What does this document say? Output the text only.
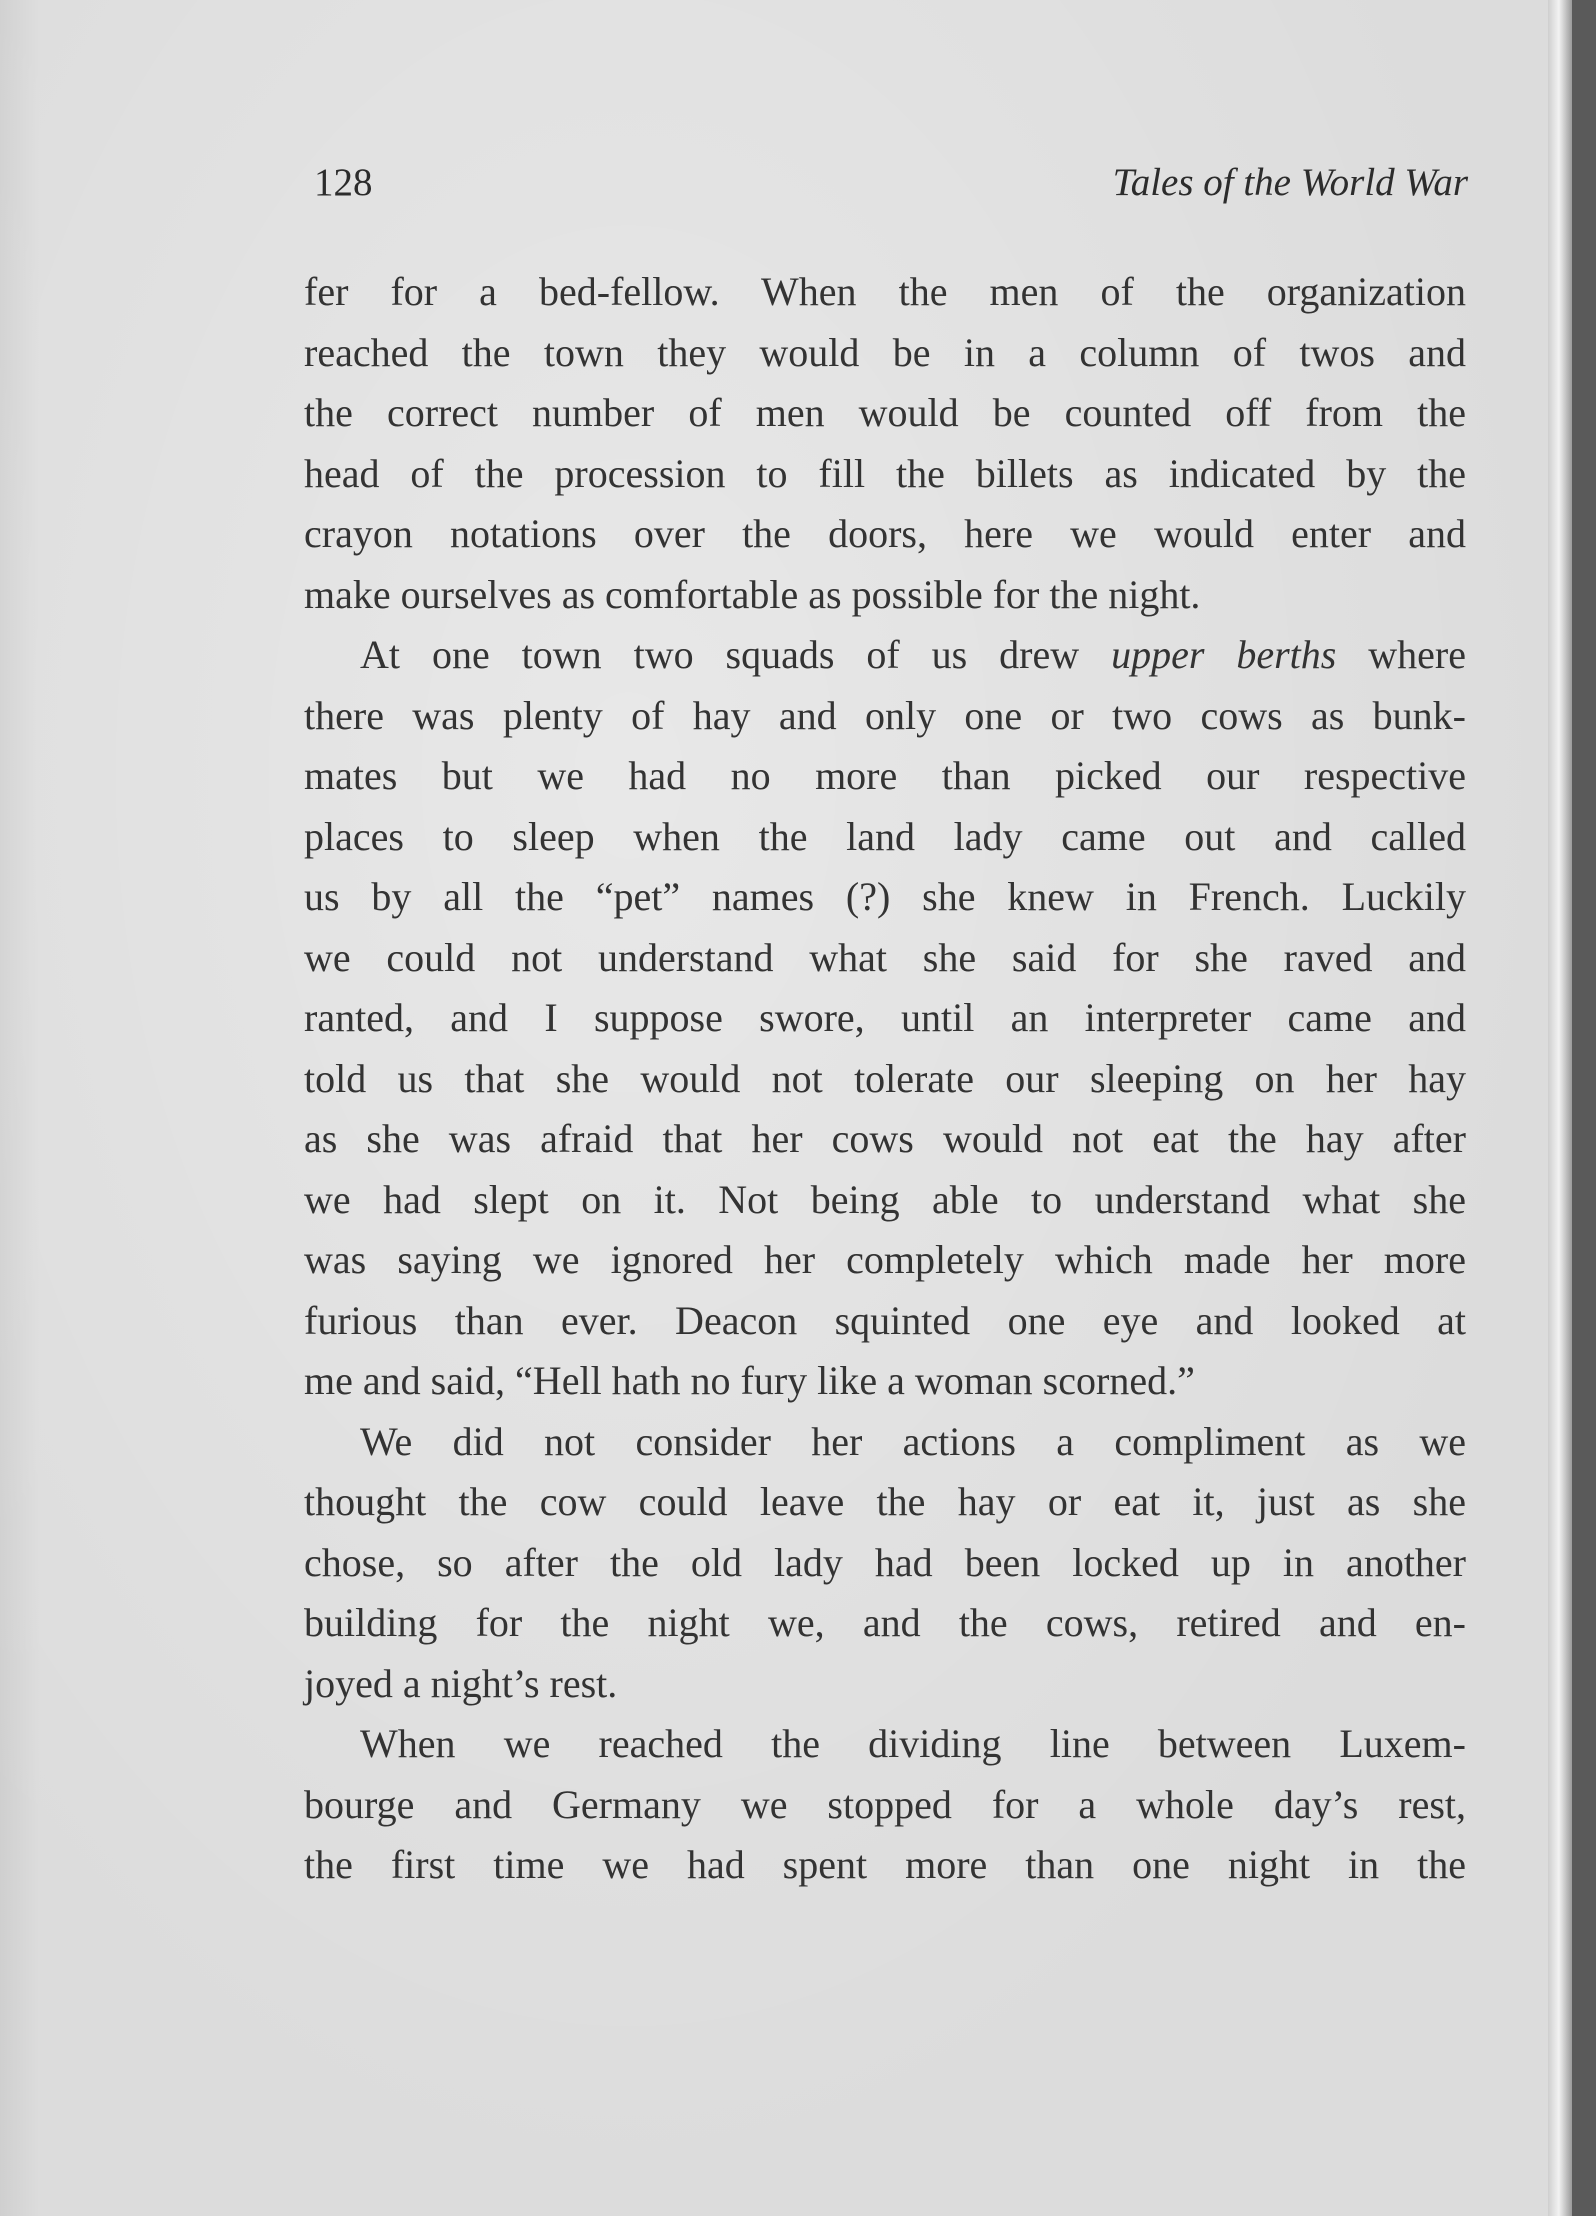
128	Tales of the World War
fer for a bed-fellow. When the men of the organization
reached the town they would be in a column of twos and
the correct number of men would be counted off from the
head of the procession to fill the billets as indicated by the
crayon notations over the doors, here we would enter and
make ourselves as comfortable as possible for the night.
At one town two squads of us drew upper berths where
there was plenty of hay and only one or two cows as bunk-
mates but we had no more than picked our respective
places to sleep when the land lady came out and called
us by all the “pet” names (?) she knew in French. Luckily
we could not understand what she said for she raved and
ranted, and I suppose swore, until an interpreter came and
told us that she would not tolerate our sleeping on her hay
as she was afraid that her cows would not eat the hay after
we had slept on it. Not being able to understand what she
was saying we ignored her completely which made her more
furious than ever. Deacon squinted one eye and looked at
me and said, “Hell hath no fury like a woman scorned.”
We did not consider her actions a compliment as we
thought the cow could leave the hay or eat it, just as she
chose, so after the old lady had been locked up in another
building for the night we, and the cows, retired and en-
joyed a night’s rest.
When we reached the dividing line between Luxem-
bourge and Germany we stopped for a whole day’s rest,
the first time we had spent more than one night in the
